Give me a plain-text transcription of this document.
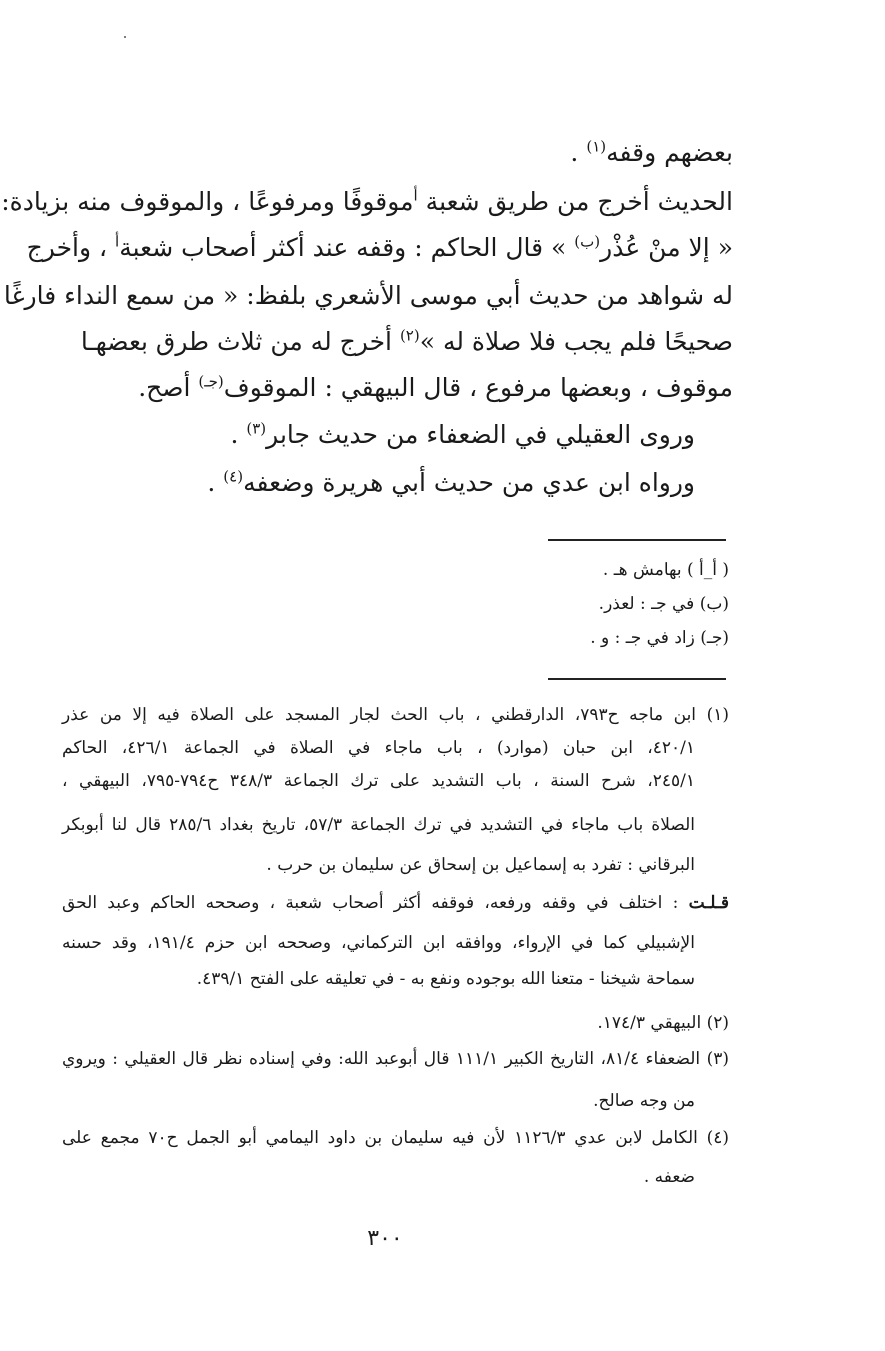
بعضهم وقفه$^{(١)}$ .
الحديث أخرج من طريق شعبة $^أ$موقوفًا ومرفوعًا ، والموقوف منه بزيادة:
« إلا منْ عُذْر$^{(ب)}$ » قال الحاكم : وقفه عند أكثر أصحاب شعبة$^أ$ ، وأخرج
له شواهد من حديث أبي موسى الأشعري بلفظ: « من سمع النداء فارغًا
صحيحًا فلم يجب فلا صلاة له »$^{(٢)}$ أخرج له من ثلاث طرق بعضهـا
موقوف ، وبعضها مرفوع ، قال البيهقي : الموقوف$^{(جـ)}$ أصح.
وروى العقيلي في الضعفاء من حديث جابر$^{(٣)}$ .
ورواه ابن عدي من حديث أبي هريرة وضعفه$^{(٤)}$ .
( أ_أ ) بهامش هـ .
(ب) في جـ : لعذر.
(جـ) زاد في جـ : و .
(١) ابن ماجه ح٧٩٣، الدارقطني ، باب الحث لجار المسجد على الصلاة فيه إلا من عذر
٤٢٠/١، ابن حبان (موارد) ، باب ماجاء في الصلاة في الجماعة ٤٢٦/١، الحاكم
٢٤٥/١، شرح السنة ، باب التشديد على ترك الجماعة ٣٤٨/٣ ح٧٩٤-٧٩٥، البيهقي ،
الصلاة باب ماجاء في التشديد في ترك الجماعة ٥٧/٣، تاريخ بغداد ٢٨٥/٦ قال لنا أبوبكر
البرقاني : تفرد به إسماعيل بن إسحاق عن سليمان بن حرب .
قـلـت : اختلف في وقفه ورفعه، فوقفه أكثر أصحاب شعبة ، وصححه الحاكم وعبد الحق
الإشبيلي كما في الإرواء، ووافقه ابن التركماني، وصححه ابن حزم ١٩١/٤، وقد حسنه
سماحة شيخنا - متعنا الله بوجوده ونفع به - في تعليقه على الفتح ٤٣٩/١.
(٢) البيهقي ١٧٤/٣.
(٣) الضعفاء ٨١/٤، التاريخ الكبير ١١١/١ قال أبوعبد الله: وفي إسناده نظر قال العقيلي : ويروي
من وجه صالح.
(٤) الكامل لابن عدي ١١٢٦/٣ لأن فيه سليمان بن داود اليمامي أبو الجمل ح٧٠ مجمع على
ضعفه .
٣٠٠
